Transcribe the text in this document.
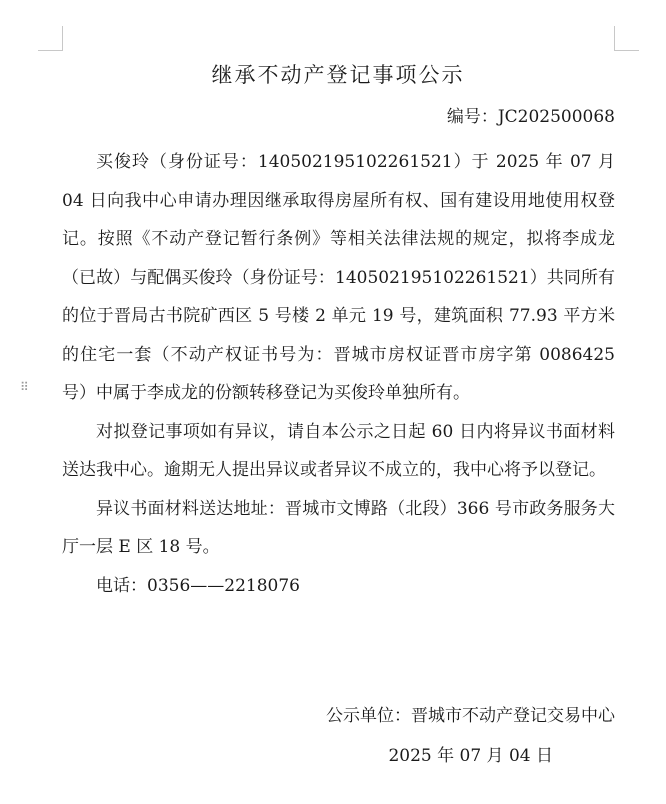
⠿
继承不动产登记事项公示
编号：JC202500068

买俊玲（身份证号：140502195102261521）于 2025 年 07 月 04 日向我中心申请办理因继承取得房屋所有权、国有建设用地使用权登记。按照《不动产登记暂行条例》等相关法律法规的规定，拟将李成龙（已故）与配偶买俊玲（身份证号：140502195102261521）共同所有的位于晋局古书院矿西区 5 号楼 2 单元 19 号，建筑面积 77.93 平方米的住宅一套（不动产权证书号为：晋城市房权证晋市房字第 0086425 号）中属于李成龙的份额转移登记为买俊玲单独所有。

对拟登记事项如有异议，请自本公示之日起 60 日内将异议书面材料送达我中心。逾期无人提出异议或者异议不成立的，我中心将予以登记。

异议书面材料送达地址：晋城市文博路（北段）366 号市政务服务大厅一层 E 区 18 号。

电话：0356——2218076

公示单位：晋城市不动产登记交易中心
2025 年 07 月 04 日
